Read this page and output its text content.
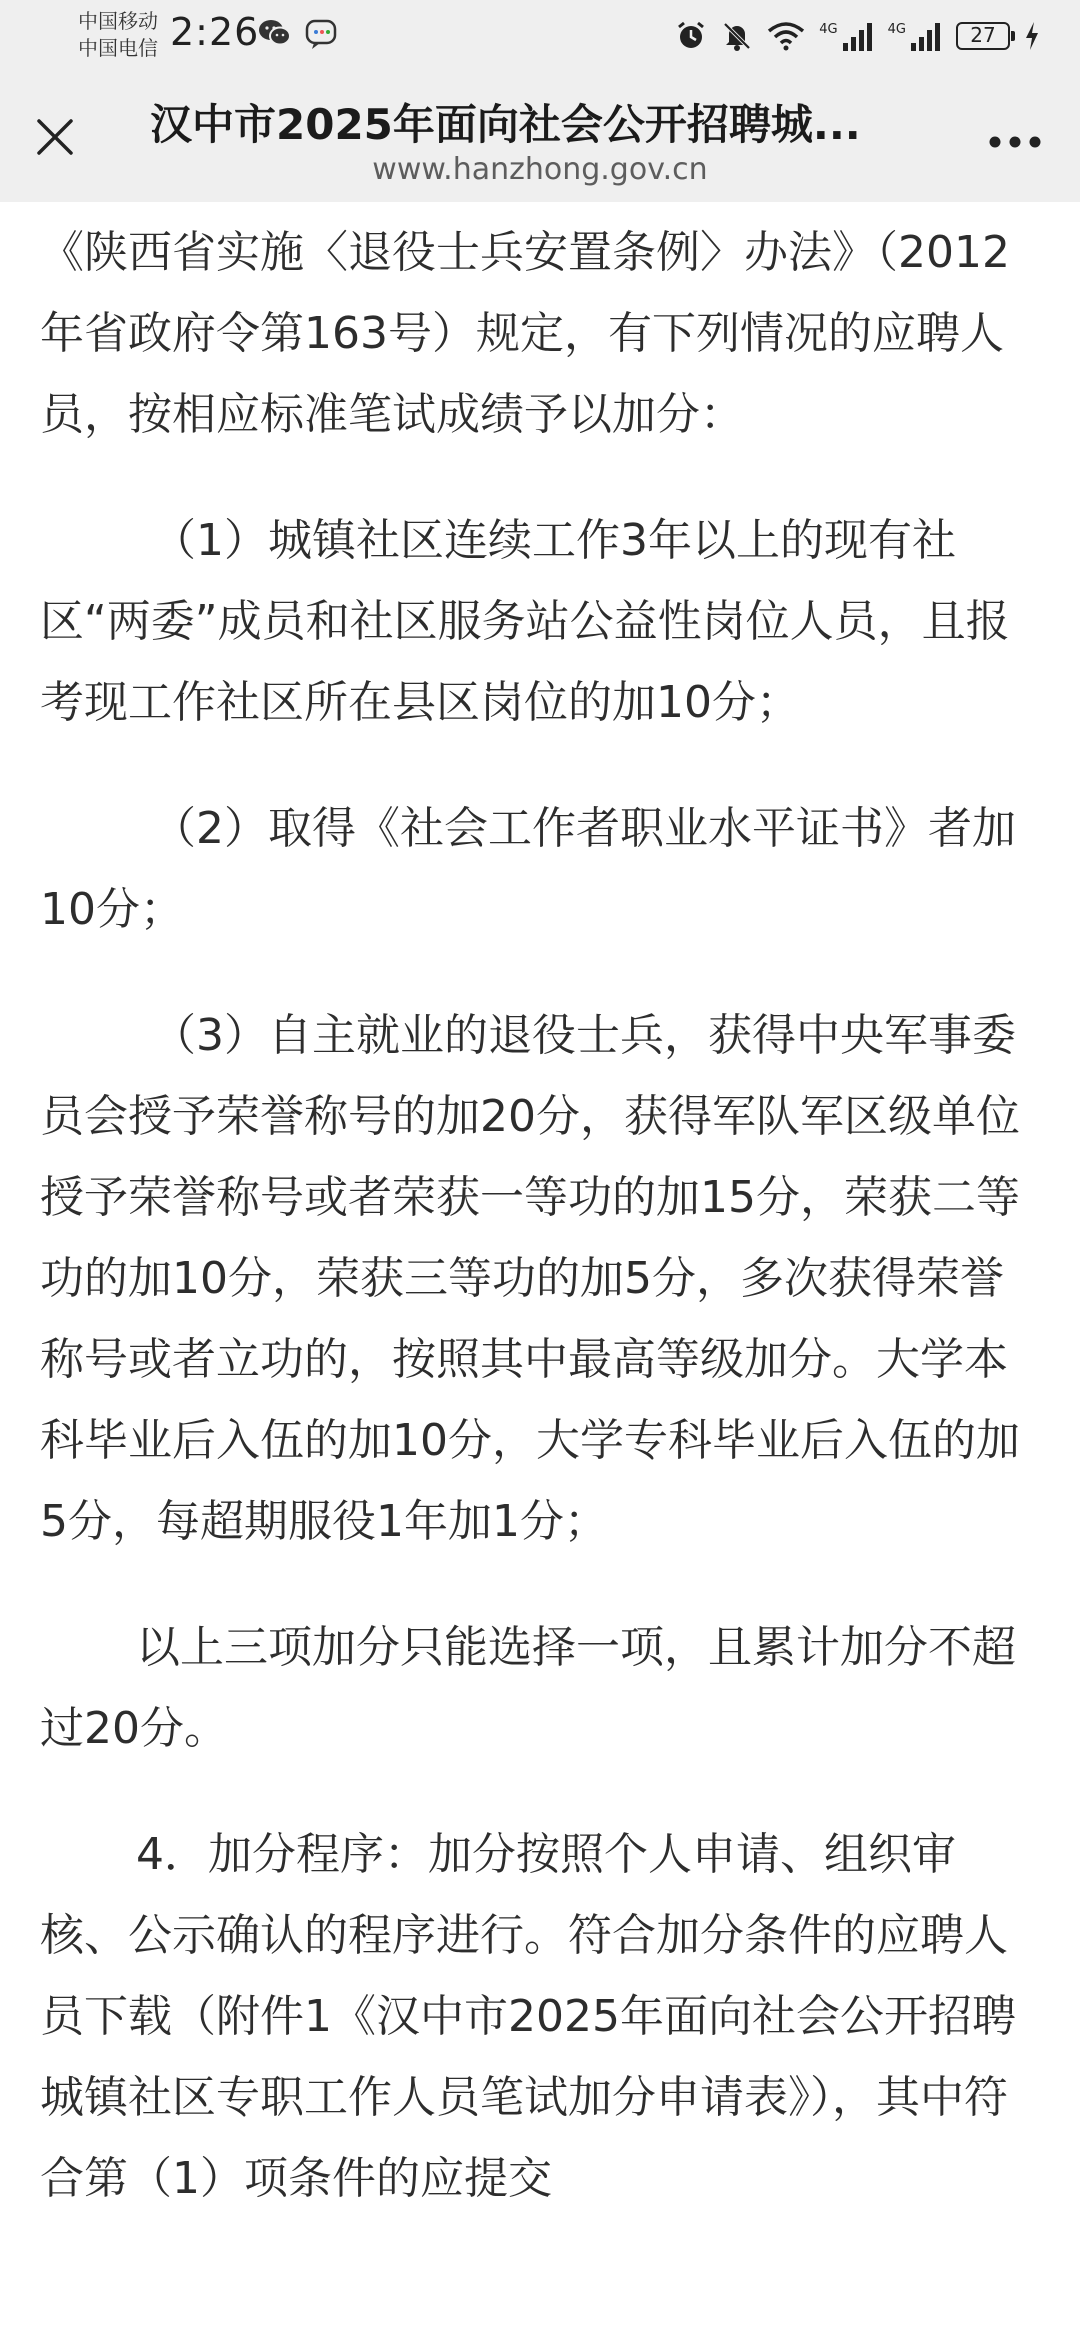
中国移动
中国电信 2:26	4G	4G	27
汉中市2025年面向社会公开招聘城...
www.hanzhong.gov.cn

《陕西省实施〈退役士兵安置条例〉办法》（2012年省政府令第163号）规定，有下列情况的应聘人员，按相应标准笔试成绩予以加分：

（1）城镇社区连续工作3年以上的现有社区“两委”成员和社区服务站公益性岗位人员，且报考现工作社区所在县区岗位的加10分；

（2）取得《社会工作者职业水平证书》者加10分；

（3）自主就业的退役士兵，获得中央军事委员会授予荣誉称号的加20分，获得军队军区级单位授予荣誉称号或者荣获一等功的加15分，荣获二等功的加10分，荣获三等功的加5分，多次获得荣誉称号或者立功的，按照其中最高等级加分。大学本科毕业后入伍的加10分，大学专科毕业后入伍的加5分，每超期服役1年加1分；

以上三项加分只能选择一项，且累计加分不超过20分。

4．加分程序：加分按照个人申请、组织审核、公示确认的程序进行。符合加分条件的应聘人员下载（附件1《汉中市2025年面向社会公开招聘城镇社区专职工作人员笔试加分申请表》），其中符合第（1）项条件的应提交
